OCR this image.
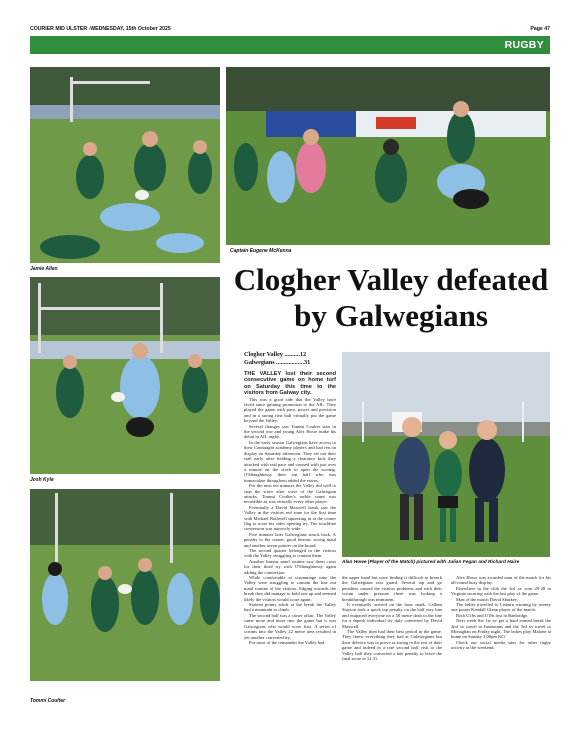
COURIER MID ULSTER -WEDNESDAY, 15th October 2025	Page 47
RUGBY
Jamie Allen
Captain Eugene McKenna
Josh Kyle
Tommi Coulter
Clogher Valley defeated by Galwegians
Clogher Valley ..........12
Galwegians ..................31

THE VALLEY lost their second consecutive game on home turf on Saturday this time to the visitors from Galway city.

This was a good side that the Valley have faced since gaining promotion to the AIL. They played the game with pace, power and precision and in a strong first half virtually put the game beyond the Valley.

Several changes saw Tommi Coulter start in the second row and young Alex Howe make his debut in AIL rugby.

In the early season Galwegians have access to their Connaught academy players and had ten on display on Saturday afternoon. They set out their stall early after fielding a clearance kick they attacked with real pace and crossed with just over a minute on the clock to open the scoring. O'Shaughnessy their out half who was immaculate throughout added the extras.

For the next ten minutes the Valley did well to stop the wave after wave of the Galwegian attacks. Tommi Coulter's tackle count was incredible as was virtually every other player.

Eventually a David Maxwell break saw the Valley in the visitors red zone for the first time with Michael Bothwell squeezing in at the corner flag to score his sides opening try. The touchline conversion was narrowly wide.

Five minutes later Galwegians struck back. A penalty to the corner, good lineout, strong maul and another seven pointer on the board.

The second quarter belonged to the visitors with the Valley struggling to contain them.

Another lineout maul routine saw them cross for their third try with O'Shaughnessy again adding the conversion.

While comfortable at scrummage time the Valley were struggling to contain the line out maul routine of the visitors. Edging towards the break they did manage to hold one up and seemed likely the visitors would score again.

Sixteen points adrift at the break the Valley had a mountain to climb.

The second half was a closer affair. The Valley came more and more into the game but it was Galwegians who would score first. A series of scrums into the Valley 22 metre area resulted in yet another converted try.

For most of the remainder the Valley had

Alan Howe (Player of the Match) pictured with Julian Fegan and Richard Haire

the upper hand but were finding it difficult to breach the Galwegians rear guard. Several tap and go penalties caused the visitors problems and with their scrum under pressure there was looking a breakthrough was imminent.

It eventually arrived on the hour mark, Callum Stayton took a quick tap penalty on the half way line and outpaced everyone on a 50 metre dash to the line for a superb individual try duly converted by David Maxwell.

The Valley then had their best period in the game. They threw everything they had at Galawegians but their defence was to prove as strong in the rest of their game and indeed in a rare second half visit to the Valley half they converted a late penalty to leave the final score at 12 31.

Alex Howe was awarded man of the match for his all-round busy display.

Elsewhere in the club the 3rd xv won 29-28 in Virginia securing with the last play of the game.

Man of the match David Sharkey.

The ladies travelled to Lisburn winning by twenty one points Kendall Glenn player of the match.

Both U16s and U18s lost in Banbridge.

Next week the 1st xv get a hard earned break the 2nd xv travel to Instonians and the 3rd xv travel to Monaghan on Friday night. The ladies play Malone at home on Sunday 2.00pm KO.

Check our social media sites for other rugby activity at the weekend.
